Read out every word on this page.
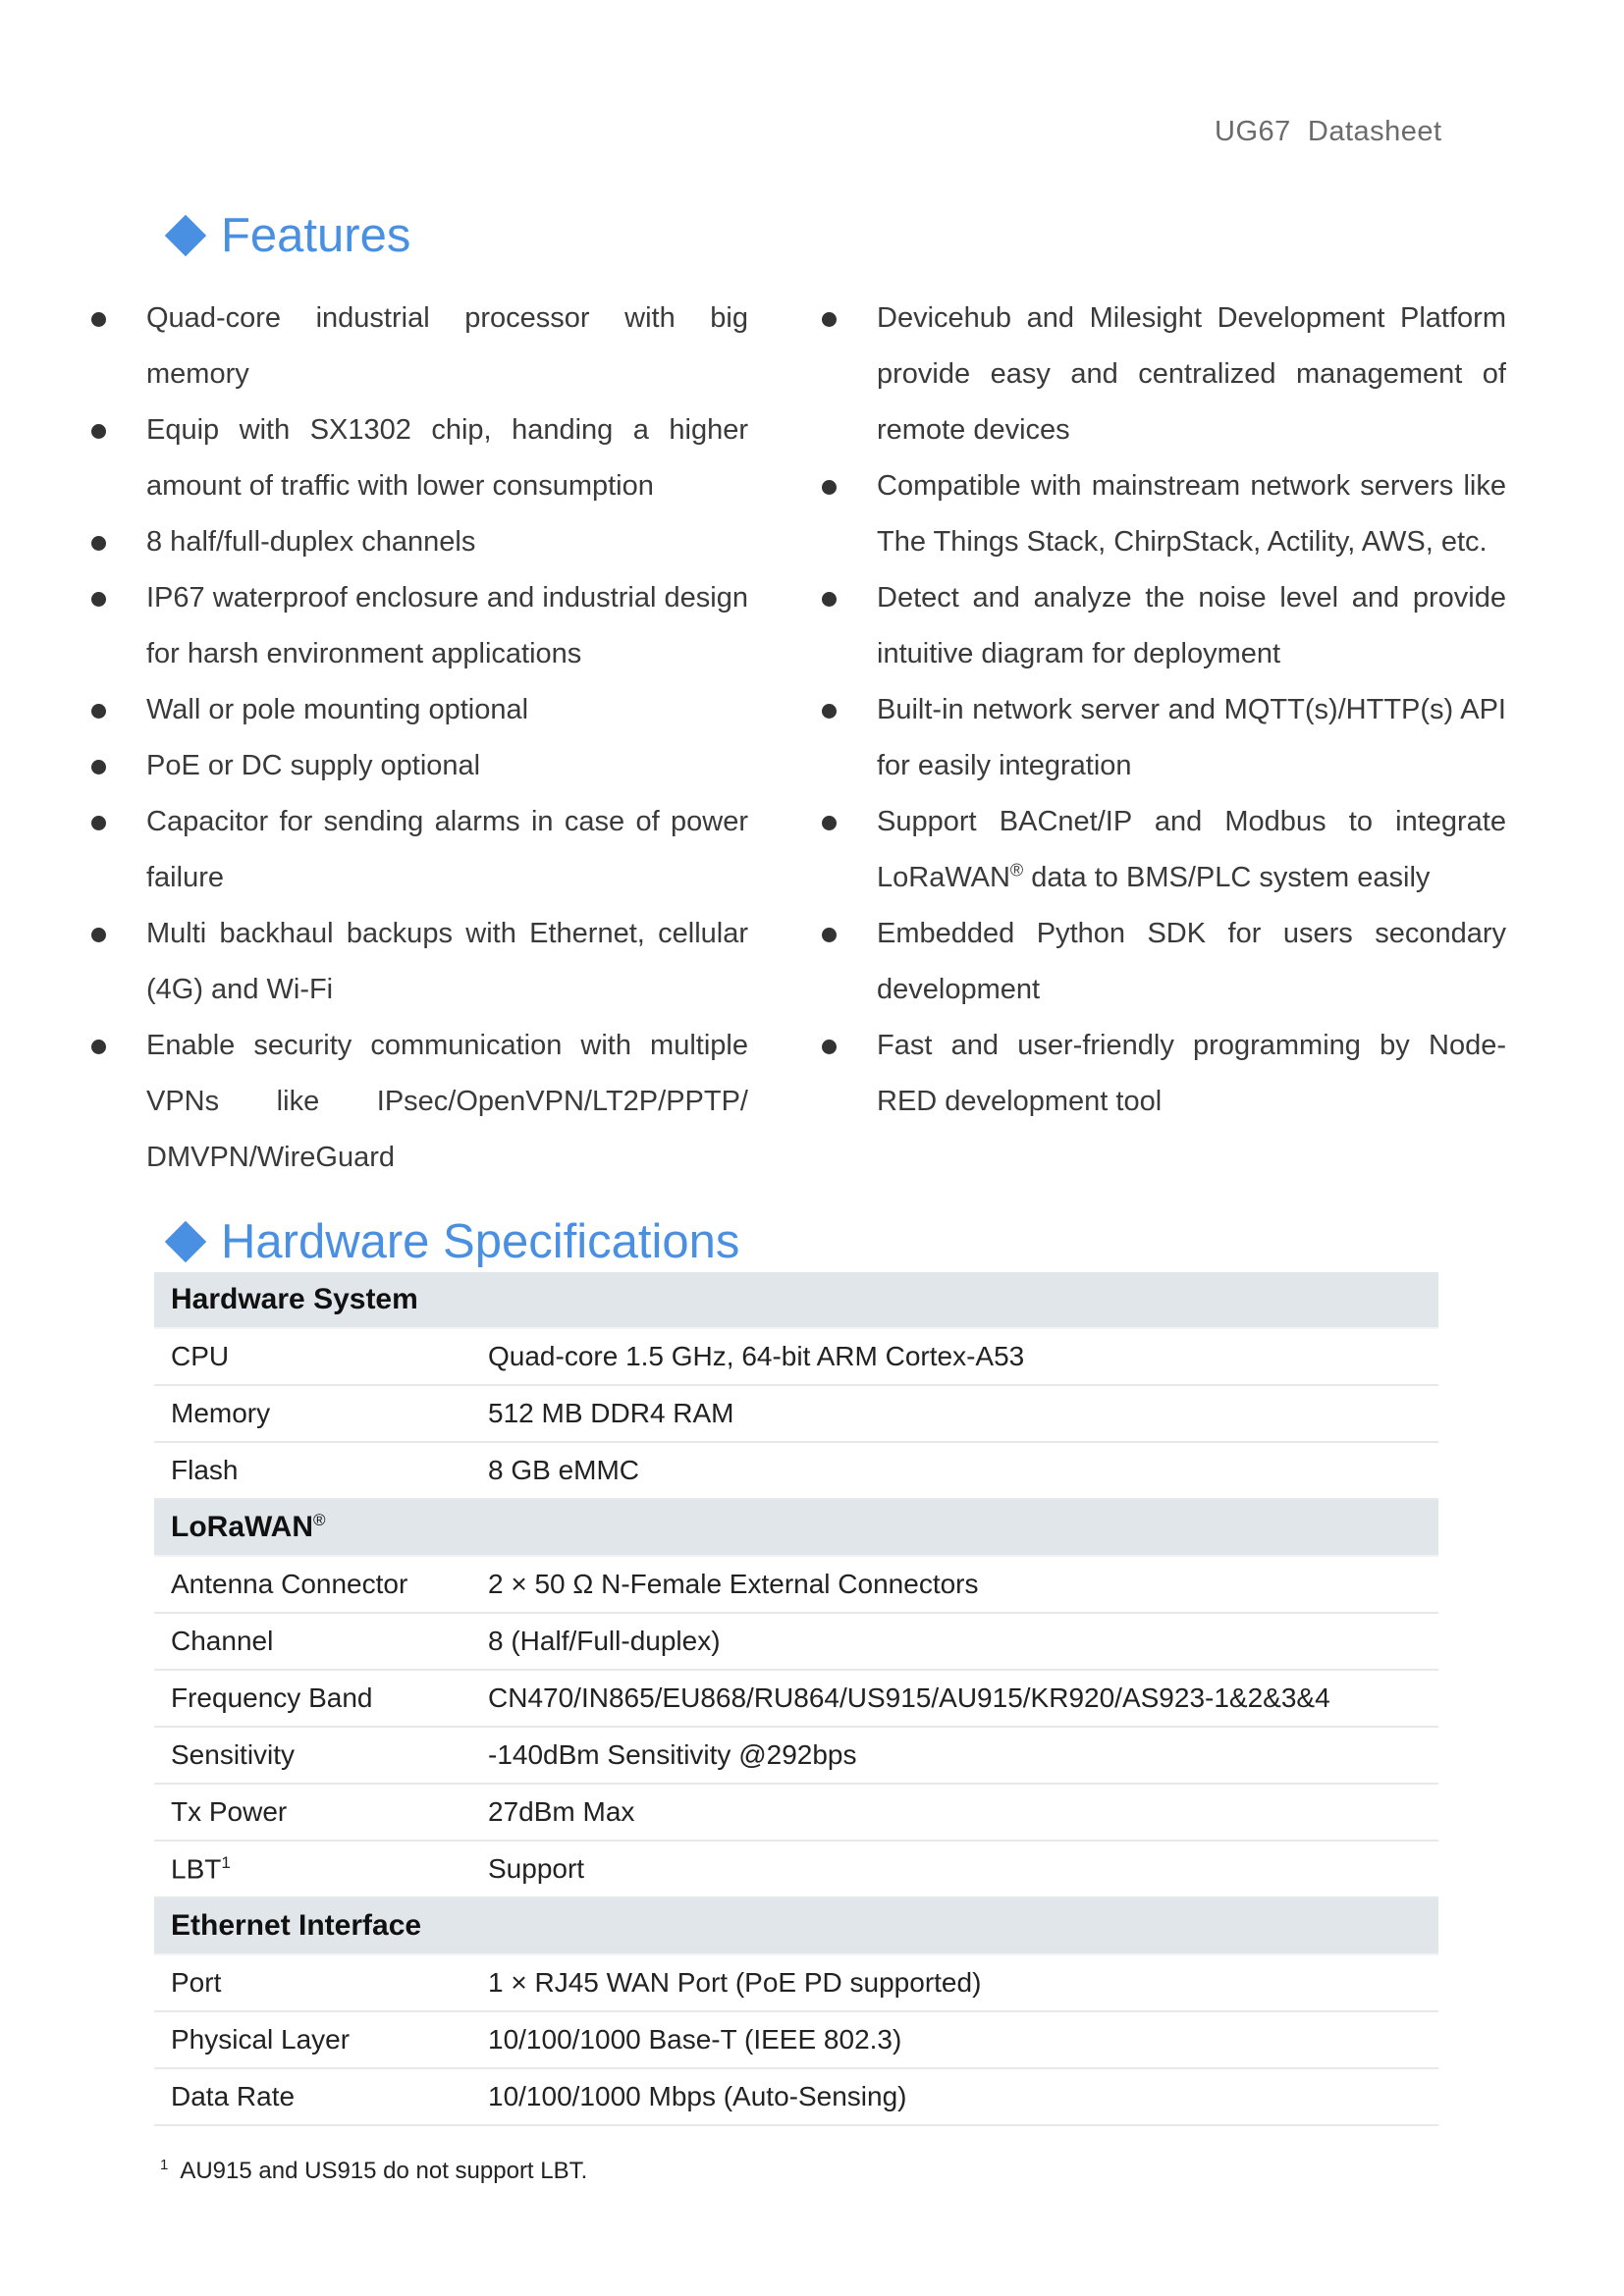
UG67  Datasheet
Features
Quad-core industrial processor with big memory
Equip with SX1302 chip, handing a higher amount of traffic with lower consumption
8 half/full-duplex channels
IP67 waterproof enclosure and industrial design for harsh environment applications
Wall or pole mounting optional
PoE or DC supply optional
Capacitor for sending alarms in case of power failure
Multi backhaul backups with Ethernet, cellular (4G) and Wi-Fi
Enable security communication with multiple VPNs like IPsec/OpenVPN/LT2P/PPTP/ DMVPN/WireGuard
Devicehub and Milesight Development Platform provide easy and centralized management of remote devices
Compatible with mainstream network servers like The Things Stack, ChirpStack, Actility, AWS, etc.
Detect and analyze the noise level and provide intuitive diagram for deployment
Built-in network server and MQTT(s)/HTTP(s) API for easily integration
Support BACnet/IP and Modbus to integrate LoRaWAN® data to BMS/PLC system easily
Embedded Python SDK for users secondary development
Fast and user-friendly programming by Node-RED development tool
Hardware Specifications
Hardware System	
CPU	Quad-core 1.5 GHz, 64-bit ARM Cortex-A53
Memory	512 MB DDR4 RAM
Flash	8 GB eMMC
LoRaWAN®
Antenna Connector	2 × 50 Ω N-Female External Connectors
Channel	8 (Half/Full-duplex)
Frequency Band	CN470/IN865/EU868/RU864/US915/AU915/KR920/AS923-1&2&3&4
Sensitivity	-140dBm Sensitivity @292bps
Tx Power	27dBm Max
LBT$^1$	Support
Ethernet Interface	
Port	1 × RJ45 WAN Port (PoE PD supported)
Physical Layer	10/100/1000 Base-T (IEEE 802.3)
Data Rate	10/100/1000 Mbps (Auto-Sensing)
$^1$ AU915 and US915 do not support LBT.
